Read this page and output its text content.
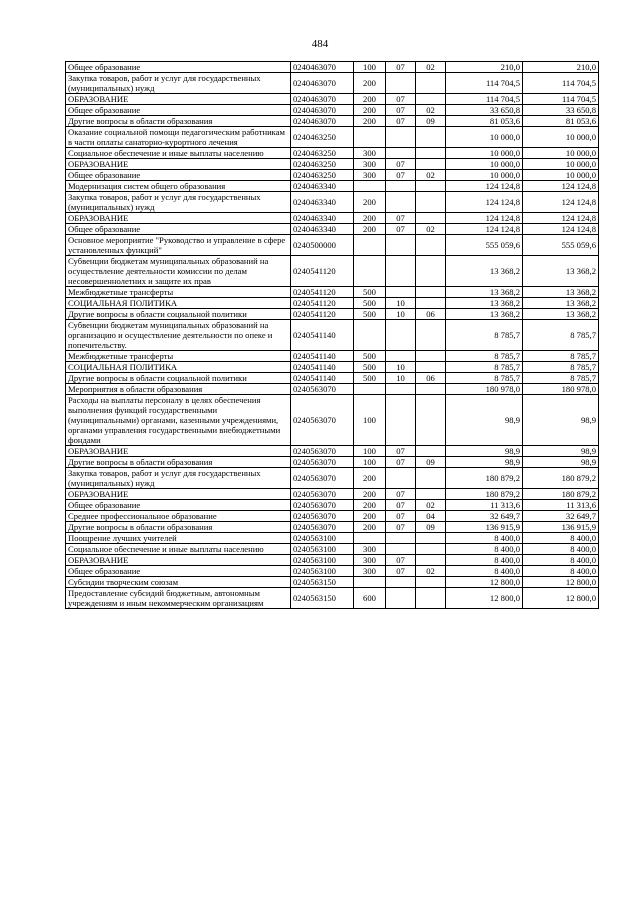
484
Общее образование	0240463070	100	07	02	210,0	210,0
Закупка товаров, работ и услуг для государственных (муниципальных) нужд	0240463070	200			114 704,5	114 704,5
ОБРАЗОВАНИЕ	0240463070	200	07		114 704,5	114 704,5
Общее образование	0240463070	200	07	02	33 650,8	33 650,8
Другие вопросы в области образования	0240463070	200	07	09	81 053,6	81 053,6
Оказание социальной помощи педагогическим работникам в части оплаты санаторно-курортного лечения	0240463250				10 000,0	10 000,0
Социальное обеспечение и иные выплаты населению	0240463250	300			10 000,0	10 000,0
ОБРАЗОВАНИЕ	0240463250	300	07		10 000,0	10 000,0
Общее образование	0240463250	300	07	02	10 000,0	10 000,0
Модернизация систем общего образования	0240463340				124 124,8	124 124,8
Закупка товаров, работ и услуг для государственных (муниципальных) нужд	0240463340	200			124 124,8	124 124,8
ОБРАЗОВАНИЕ	0240463340	200	07		124 124,8	124 124,8
Общее образование	0240463340	200	07	02	124 124,8	124 124,8
Основное мероприятие "Руководство и управление в сфере установленных функций"	0240500000				555 059,6	555 059,6
Субвенции бюджетам муниципальных образований на осуществление деятельности комиссии по делам несовершеннолетних и защите их прав	0240541120				13 368,2	13 368,2
Межбюджетные трансферты	0240541120	500			13 368,2	13 368,2
СОЦИАЛЬНАЯ ПОЛИТИКА	0240541120	500	10		13 368,2	13 368,2
Другие вопросы в области социальной политики	0240541120	500	10	06	13 368,2	13 368,2
Субвенции бюджетам муниципальных образований на организацию и осуществление деятельности по опеке и попечительству.	0240541140				8 785,7	8 785,7
Межбюджетные трансферты	0240541140	500			8 785,7	8 785,7
СОЦИАЛЬНАЯ ПОЛИТИКА	0240541140	500	10		8 785,7	8 785,7
Другие вопросы в области социальной политики	0240541140	500	10	06	8 785,7	8 785,7
Мероприятия в области образования	0240563070				180 978,0	180 978,0
Расходы на выплаты персоналу в целях обеспечения выполнения функций государственными (муниципальными) органами, казенными учреждениями, органами управления государственными внебюджетными фондами	0240563070	100			98,9	98,9
ОБРАЗОВАНИЕ	0240563070	100	07		98,9	98,9
Другие вопросы в области образования	0240563070	100	07	09	98,9	98,9
Закупка товаров, работ и услуг для государственных (муниципальных) нужд	0240563070	200			180 879,2	180 879,2
ОБРАЗОВАНИЕ	0240563070	200	07		180 879,2	180 879,2
Общее образование	0240563070	200	07	02	11 313,6	11 313,6
Среднее профессиональное образование	0240563070	200	07	04	32 649,7	32 649,7
Другие вопросы в области образования	0240563070	200	07	09	136 915,9	136 915,9
Поощрение лучших учителей	0240563100				8 400,0	8 400,0
Социальное обеспечение и иные выплаты населению	0240563100	300			8 400,0	8 400,0
ОБРАЗОВАНИЕ	0240563100	300	07		8 400,0	8 400,0
Общее образование	0240563100	300	07	02	8 400,0	8 400,0
Субсидии творческим союзам	0240563150				12 800,0	12 800,0
Предоставление субсидий бюджетным, автономным учреждениям и иным некоммерческим организациям	0240563150	600			12 800,0	12 800,0
